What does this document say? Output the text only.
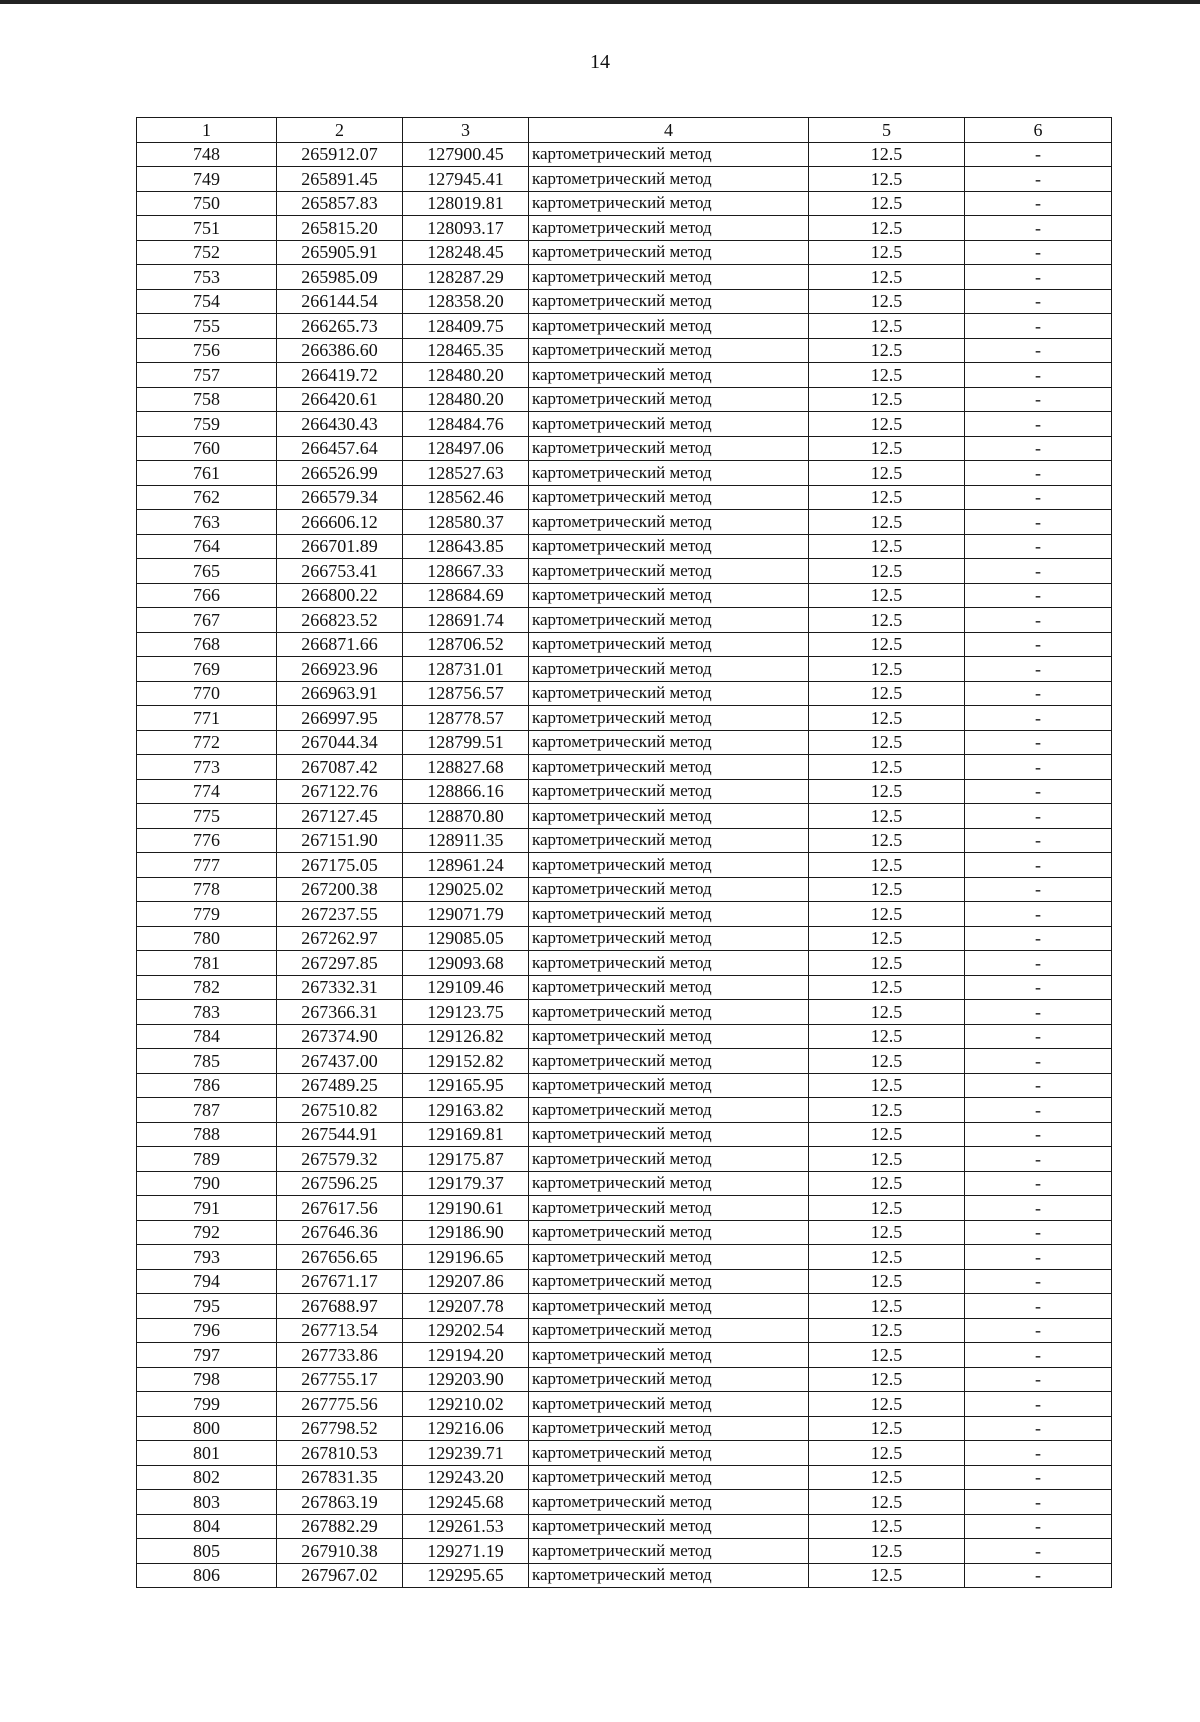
14
1	2	3	4	5	6
748	265912.07	127900.45	картометрический метод	12.5	-
749	265891.45	127945.41	картометрический метод	12.5	-
750	265857.83	128019.81	картометрический метод	12.5	-
751	265815.20	128093.17	картометрический метод	12.5	-
752	265905.91	128248.45	картометрический метод	12.5	-
753	265985.09	128287.29	картометрический метод	12.5	-
754	266144.54	128358.20	картометрический метод	12.5	-
755	266265.73	128409.75	картометрический метод	12.5	-
756	266386.60	128465.35	картометрический метод	12.5	-
757	266419.72	128480.20	картометрический метод	12.5	-
758	266420.61	128480.20	картометрический метод	12.5	-
759	266430.43	128484.76	картометрический метод	12.5	-
760	266457.64	128497.06	картометрический метод	12.5	-
761	266526.99	128527.63	картометрический метод	12.5	-
762	266579.34	128562.46	картометрический метод	12.5	-
763	266606.12	128580.37	картометрический метод	12.5	-
764	266701.89	128643.85	картометрический метод	12.5	-
765	266753.41	128667.33	картометрический метод	12.5	-
766	266800.22	128684.69	картометрический метод	12.5	-
767	266823.52	128691.74	картометрический метод	12.5	-
768	266871.66	128706.52	картометрический метод	12.5	-
769	266923.96	128731.01	картометрический метод	12.5	-
770	266963.91	128756.57	картометрический метод	12.5	-
771	266997.95	128778.57	картометрический метод	12.5	-
772	267044.34	128799.51	картометрический метод	12.5	-
773	267087.42	128827.68	картометрический метод	12.5	-
774	267122.76	128866.16	картометрический метод	12.5	-
775	267127.45	128870.80	картометрический метод	12.5	-
776	267151.90	128911.35	картометрический метод	12.5	-
777	267175.05	128961.24	картометрический метод	12.5	-
778	267200.38	129025.02	картометрический метод	12.5	-
779	267237.55	129071.79	картометрический метод	12.5	-
780	267262.97	129085.05	картометрический метод	12.5	-
781	267297.85	129093.68	картометрический метод	12.5	-
782	267332.31	129109.46	картометрический метод	12.5	-
783	267366.31	129123.75	картометрический метод	12.5	-
784	267374.90	129126.82	картометрический метод	12.5	-
785	267437.00	129152.82	картометрический метод	12.5	-
786	267489.25	129165.95	картометрический метод	12.5	-
787	267510.82	129163.82	картометрический метод	12.5	-
788	267544.91	129169.81	картометрический метод	12.5	-
789	267579.32	129175.87	картометрический метод	12.5	-
790	267596.25	129179.37	картометрический метод	12.5	-
791	267617.56	129190.61	картометрический метод	12.5	-
792	267646.36	129186.90	картометрический метод	12.5	-
793	267656.65	129196.65	картометрический метод	12.5	-
794	267671.17	129207.86	картометрический метод	12.5	-
795	267688.97	129207.78	картометрический метод	12.5	-
796	267713.54	129202.54	картометрический метод	12.5	-
797	267733.86	129194.20	картометрический метод	12.5	-
798	267755.17	129203.90	картометрический метод	12.5	-
799	267775.56	129210.02	картометрический метод	12.5	-
800	267798.52	129216.06	картометрический метод	12.5	-
801	267810.53	129239.71	картометрический метод	12.5	-
802	267831.35	129243.20	картометрический метод	12.5	-
803	267863.19	129245.68	картометрический метод	12.5	-
804	267882.29	129261.53	картометрический метод	12.5	-
805	267910.38	129271.19	картометрический метод	12.5	-
806	267967.02	129295.65	картометрический метод	12.5	-
